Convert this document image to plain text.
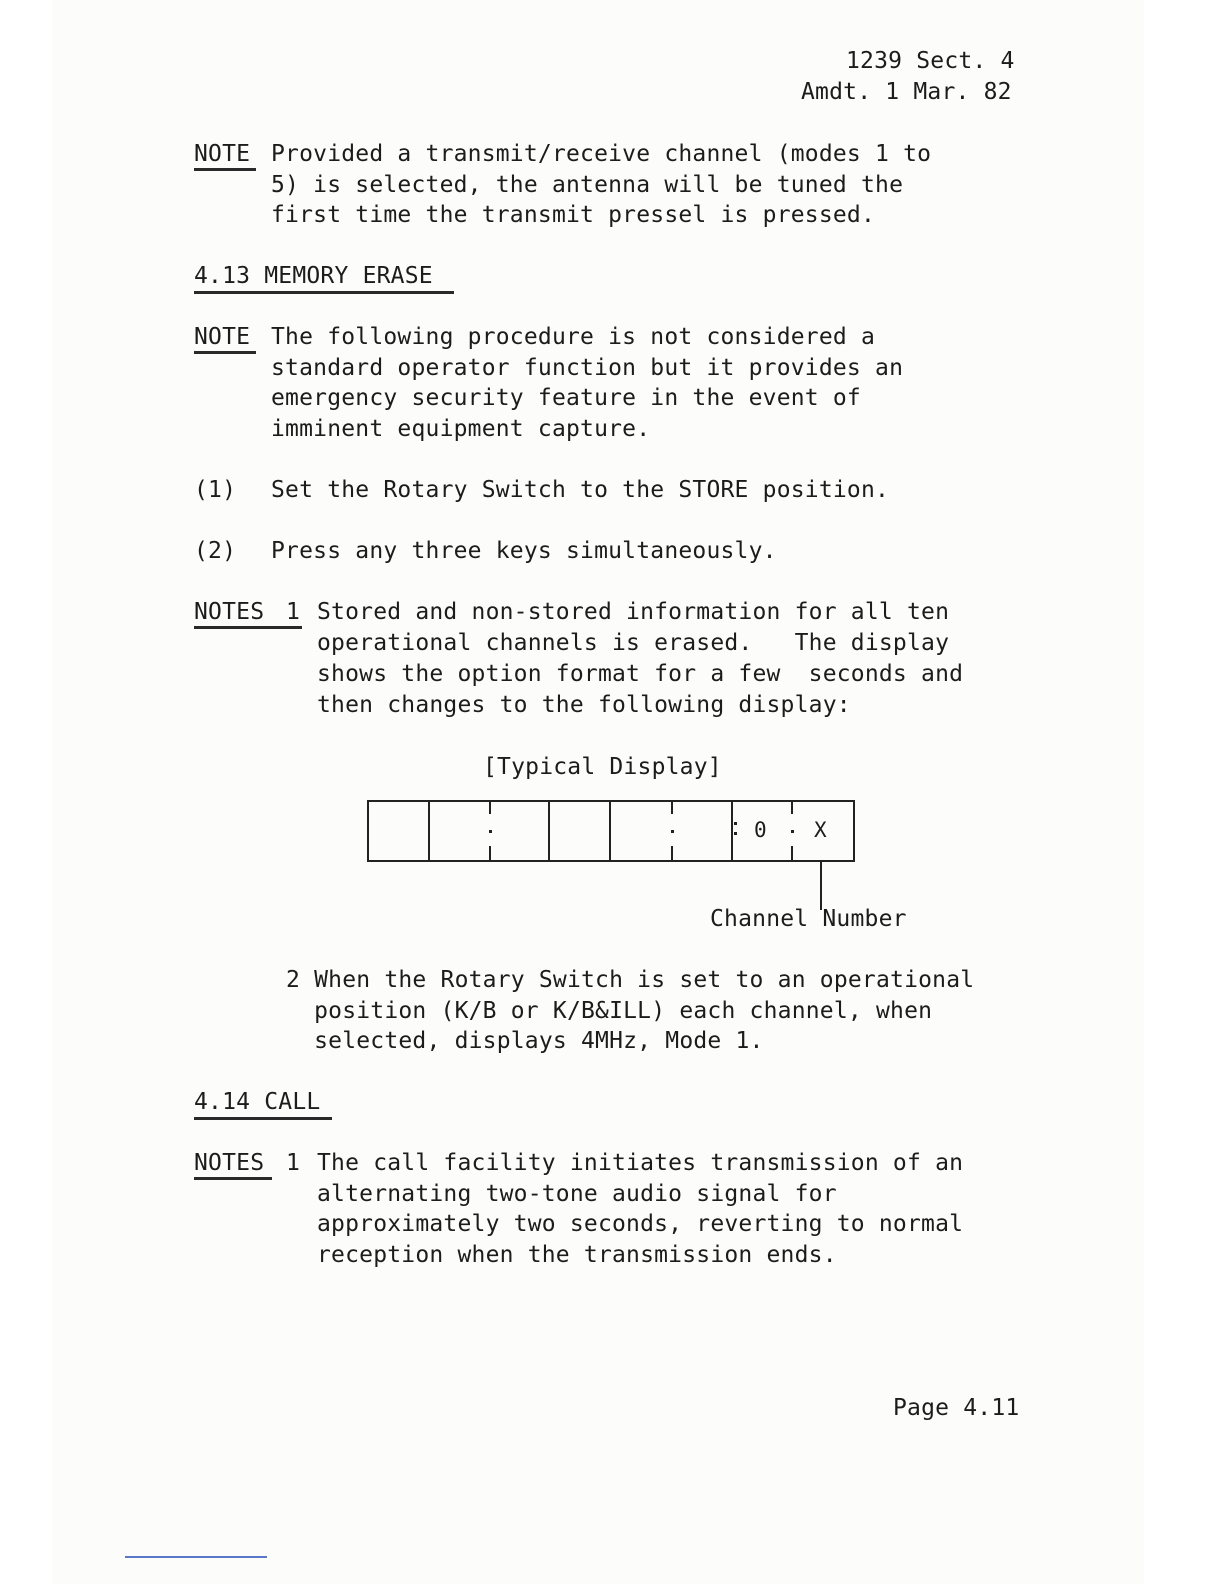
1239 Sect. 4
Amdt. 1 Mar. 82
NOTE Provided a transmit/receive channel (modes 1 to
5) is selected, the antenna will be tuned the
first time the transmit pressel is pressed.
4.13 MEMORY ERASE
NOTE The following procedure is not considered a
standard operator function but it provides an
emergency security feature in the event of
imminent equipment capture.
(1) Set the Rotary Switch to the STORE position.
(2) Press any three keys simultaneously.
NOTES 1 Stored and non-stored information for all ten
operational channels is erased.   The display
shows the option format for a few  seconds and
then changes to the following display:
[Typical Display]
0 X
Channel Number
2 When the Rotary Switch is set to an operational
position (K/B or K/B&ILL) each channel, when
selected, displays 4MHz, Mode 1.
4.14 CALL
NOTES 1 The call facility initiates transmission of an
alternating two-tone audio signal for
approximately two seconds, reverting to normal
reception when the transmission ends.
Page 4.11
